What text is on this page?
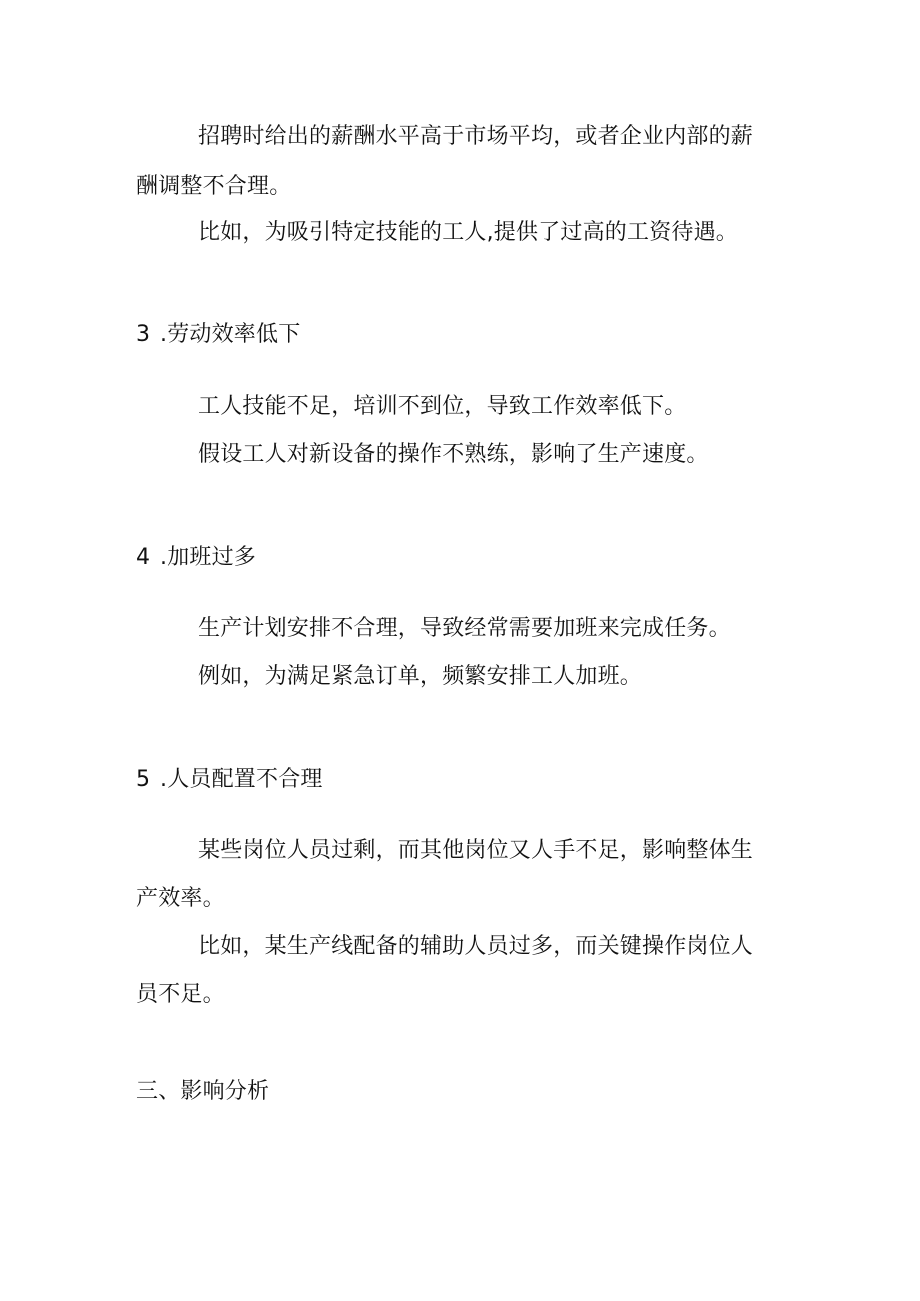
招聘时给出的薪酬水平高于市场平均，或者企业内部的薪
酬调整不合理。
比如，为吸引特定技能的工人,提供了过高的工资待遇。
3 .劳动效率低下
工人技能不足，培训不到位，导致工作效率低下。
假设工人对新设备的操作不熟练，影响了生产速度。
4 .加班过多
生产计划安排不合理，导致经常需要加班来完成任务。
例如，为满足紧急订单，频繁安排工人加班。
5 .人员配置不合理
某些岗位人员过剩，而其他岗位又人手不足，影响整体生
产效率。
比如，某生产线配备的辅助人员过多，而关键操作岗位人
员不足。
三、影响分析
